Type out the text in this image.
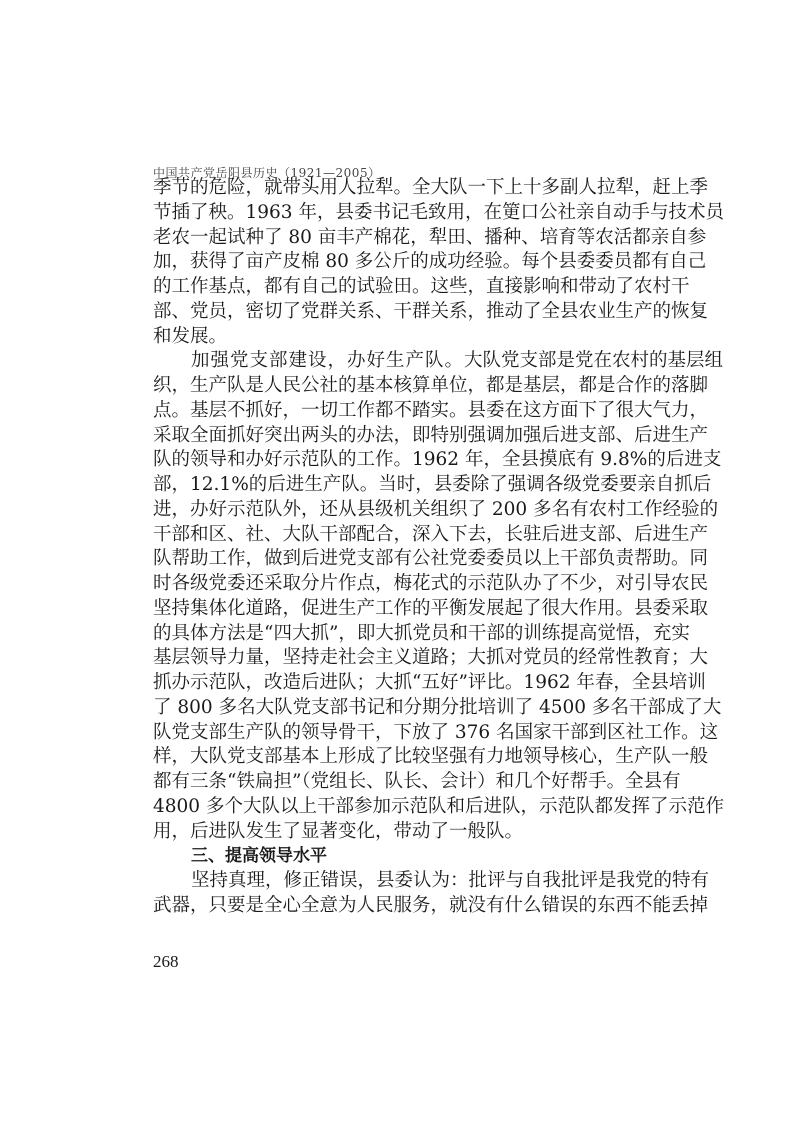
中国共产党岳阳县历史（1921—2005）
季节的危险，就带头用人拉犁。全大队一下上十多副人拉犁，赶上季
节插了秧。1963 年，县委书记毛致用，在筻口公社亲自动手与技术员
老农一起试种了 80 亩丰产棉花，犁田、播种、培育等农活都亲自参
加，获得了亩产皮棉 80 多公斤的成功经验。每个县委委员都有自己
的工作基点，都有自己的试验田。这些，直接影响和带动了农村干
部、党员，密切了党群关系、干群关系，推动了全县农业生产的恢复
和发展。
加强党支部建设，办好生产队。大队党支部是党在农村的基层组
织，生产队是人民公社的基本核算单位，都是基层，都是合作的落脚
点。基层不抓好，一切工作都不踏实。县委在这方面下了很大气力，
采取全面抓好突出两头的办法，即特别强调加强后进支部、后进生产
队的领导和办好示范队的工作。1962 年，全县摸底有 9.8%的后进支
部，12.1%的后进生产队。当时，县委除了强调各级党委要亲自抓后
进，办好示范队外，还从县级机关组织了 200 多名有农村工作经验的
干部和区、社、大队干部配合，深入下去，长驻后进支部、后进生产
队帮助工作，做到后进党支部有公社党委委员以上干部负责帮助。同
时各级党委还采取分片作点，梅花式的示范队办了不少，对引导农民
坚持集体化道路，促进生产工作的平衡发展起了很大作用。县委采取
的具体方法是“四大抓”，即大抓党员和干部的训练提高觉悟，充实
基层领导力量，坚持走社会主义道路；大抓对党员的经常性教育；大
抓办示范队，改造后进队；大抓“五好”评比。1962 年春，全县培训
了 800 多名大队党支部书记和分期分批培训了 4500 多名干部成了大
队党支部生产队的领导骨干，下放了 376 名国家干部到区社工作。这
样，大队党支部基本上形成了比较坚强有力地领导核心，生产队一般
都有三条“铁扁担”（党组长、队长、会计）和几个好帮手。全县有
4800 多个大队以上干部参加示范队和后进队，示范队都发挥了示范作
用，后进队发生了显著变化，带动了一般队。
三、提高领导水平
坚持真理，修正错误，县委认为：批评与自我批评是我党的特有
武器，只要是全心全意为人民服务，就没有什么错误的东西不能丢掉
268
